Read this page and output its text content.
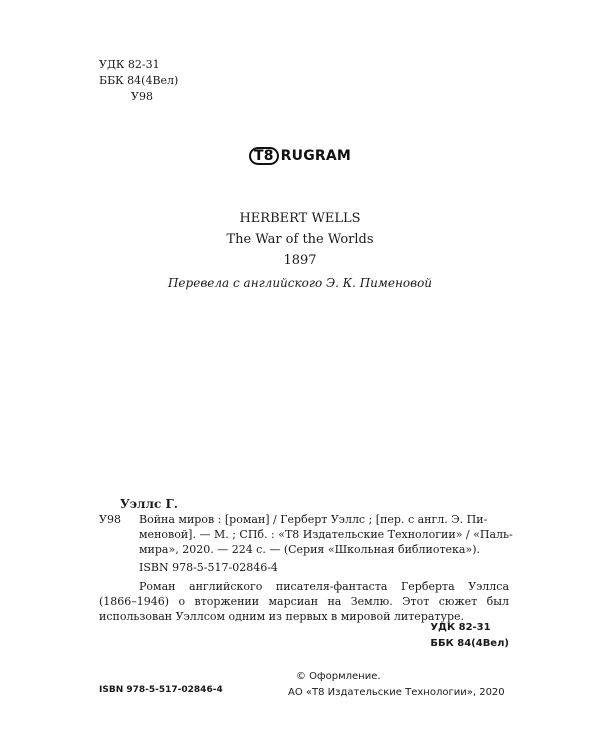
УДК 82-31
ББК 84(4Вел)
У98
T8 RUGRAM
HERBERT WELLS
The War of the Worlds
1897
Перевела с английского Э. К. Пименовой
Уэллс Г.
У98	Война миров : [роман] / Герберт Уэллс ; [пер. с англ. Э. Пи-
меновой]. — М. ; СПб. : «Т8 Издательские Технологии» / «Паль-
мира», 2020. — 224 с. — (Серия «Школьная библиотека»).
ISBN 978-5-517-02846-4
Роман английского писателя-фантаста Герберта Уэллса (1866–1946) о вторжении марсиан на Землю. Этот сюжет был использован Уэллсом одним из первых в мировой литературе.
УДК 82-31
ББК 84(4Вел)
ISBN 978-5-517-02846-4
© Оформление.
АО «Т8 Издательские Технологии», 2020
